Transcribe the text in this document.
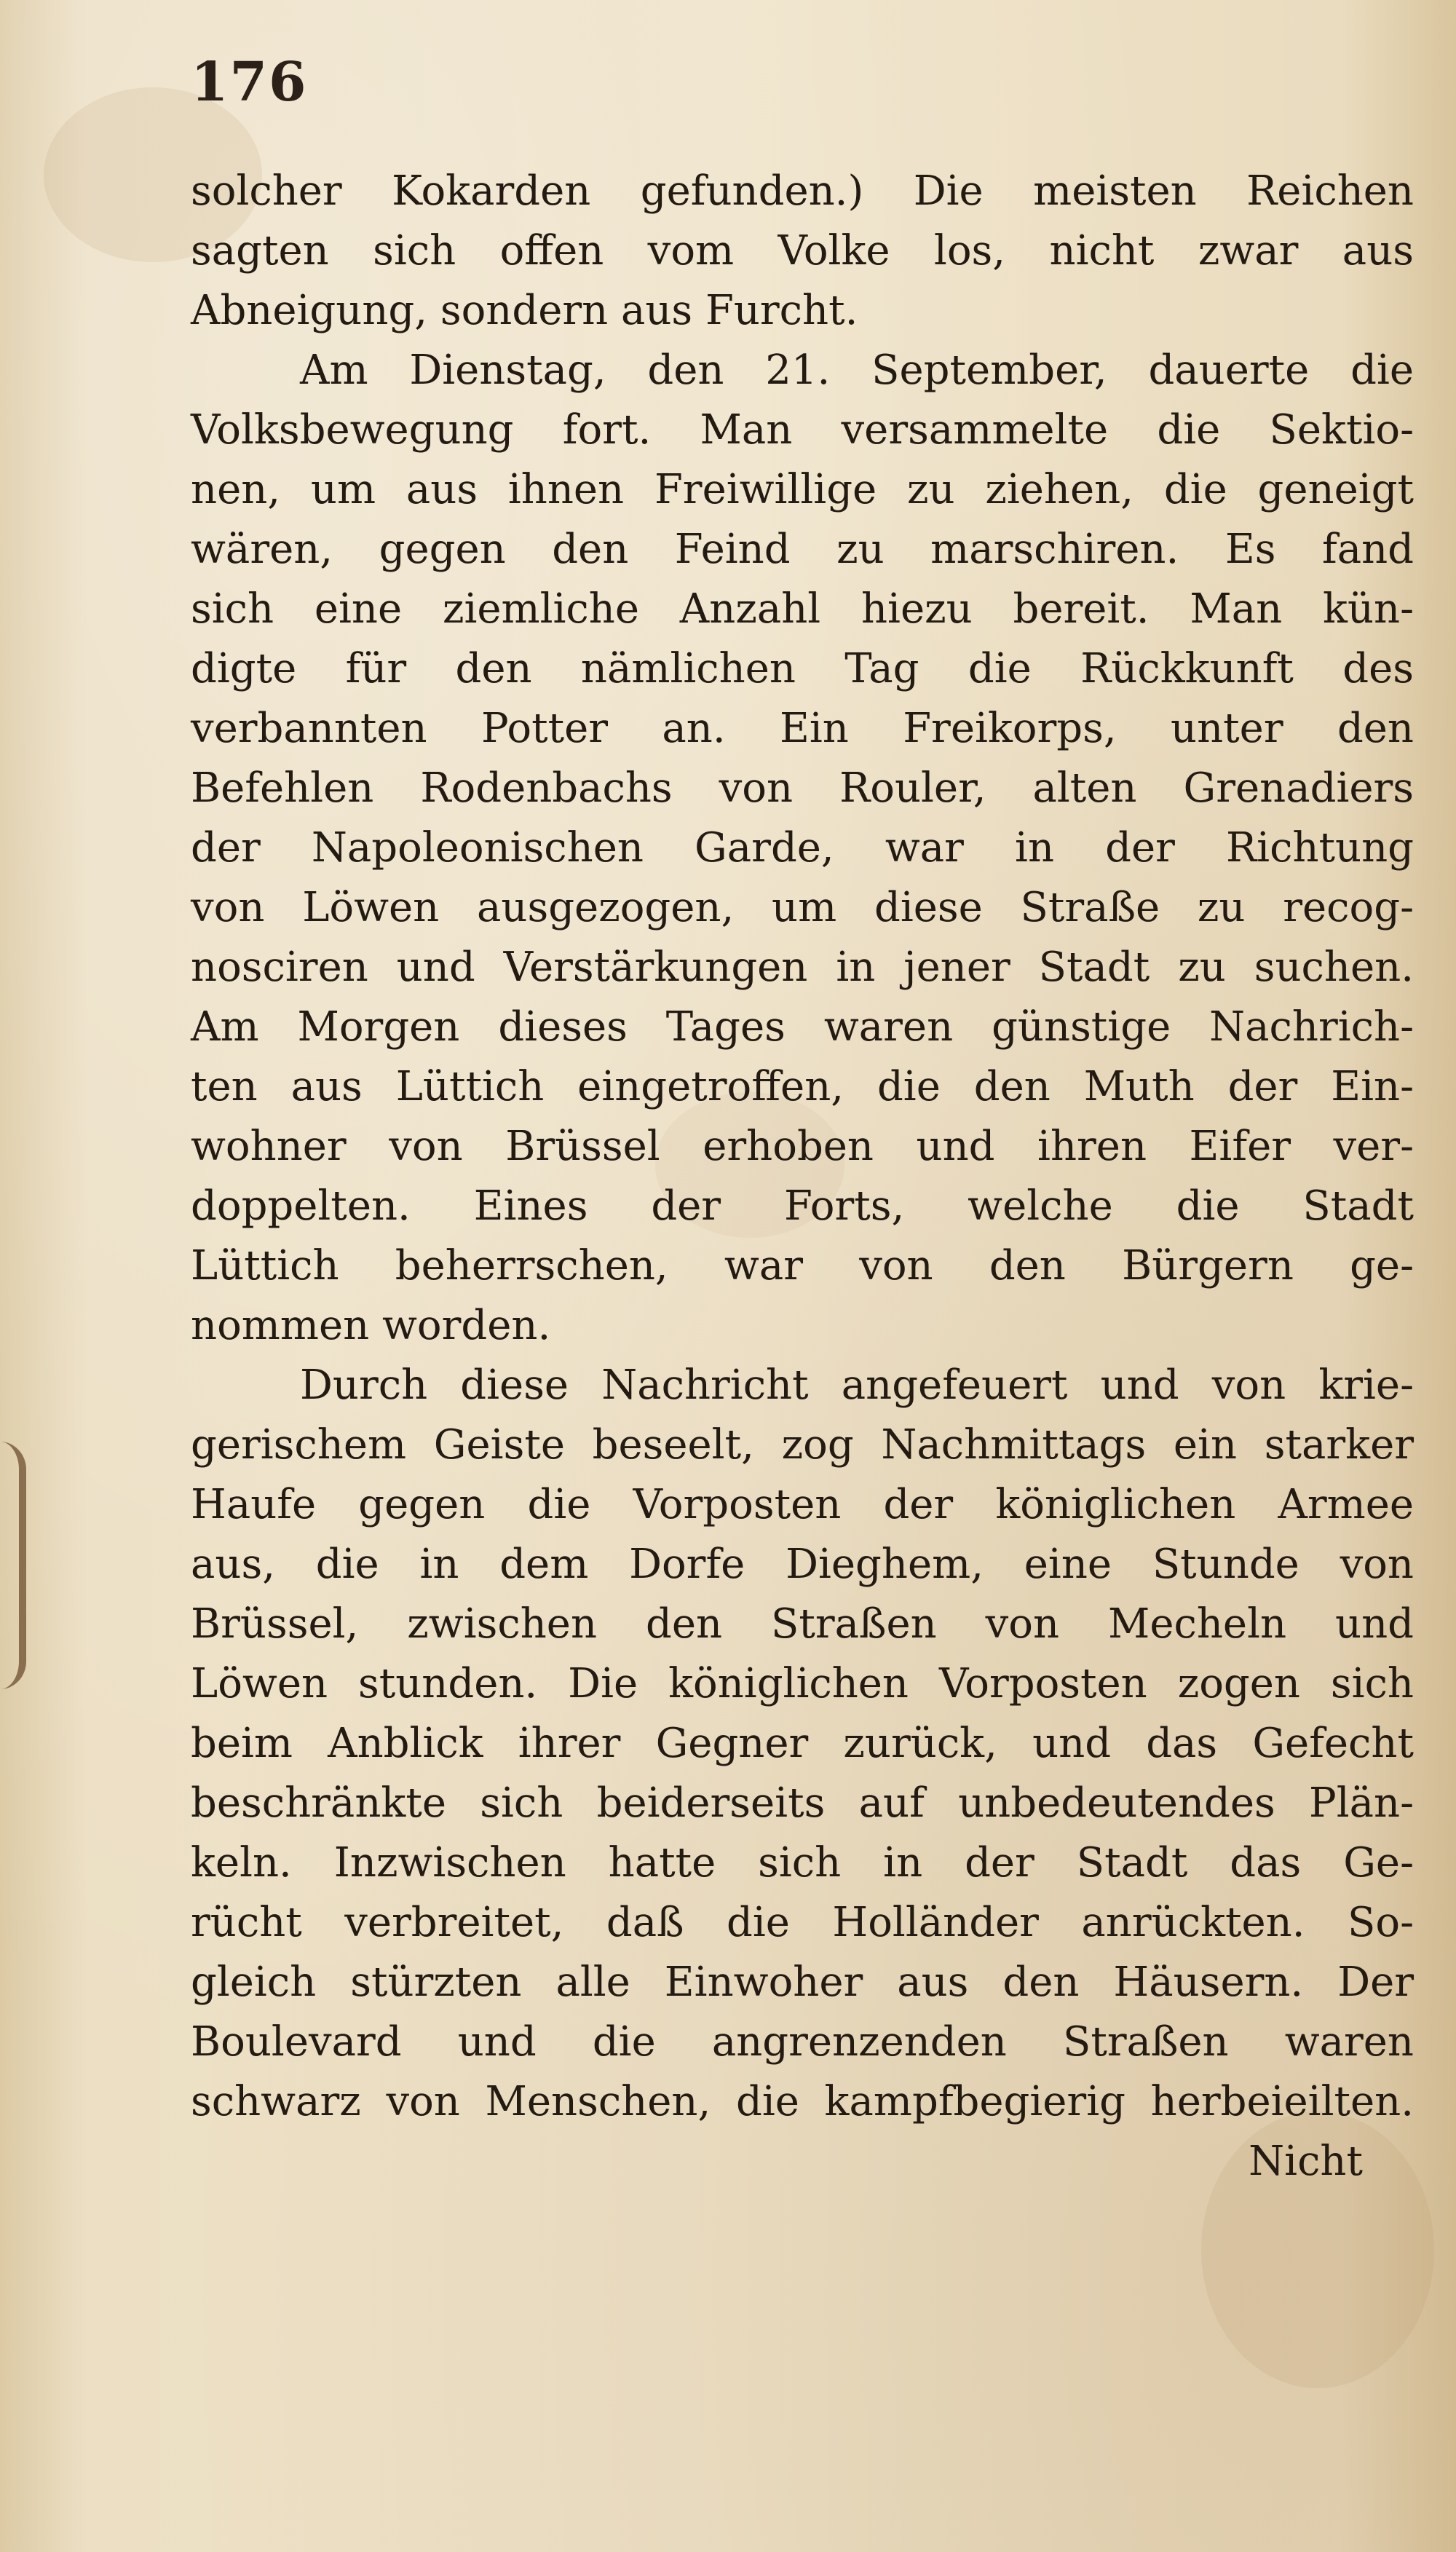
176
solcher Kokarden gefunden.) Die meisten Reichen
sagten sich offen vom Volke los, nicht zwar aus
Abneigung, sondern aus Furcht.
Am Dienstag, den 21. September, dauerte die
Volksbewegung fort. Man versammelte die Sektio-
nen, um aus ihnen Freiwillige zu ziehen, die geneigt
wären, gegen den Feind zu marschiren. Es fand
sich eine ziemliche Anzahl hiezu bereit. Man kün-
digte für den nämlichen Tag die Rückkunft des
verbannten Potter an. Ein Freikorps, unter den
Befehlen Rodenbachs von Rouler, alten Grenadiers
der Napoleonischen Garde, war in der Richtung
von Löwen ausgezogen, um diese Straße zu recog-
nosciren und Verstärkungen in jener Stadt zu suchen.
Am Morgen dieses Tages waren günstige Nachrich-
ten aus Lüttich eingetroffen, die den Muth der Ein-
wohner von Brüssel erhoben und ihren Eifer ver-
doppelten. Eines der Forts, welche die Stadt
Lüttich beherrschen, war von den Bürgern ge-
nommen worden.
Durch diese Nachricht angefeuert und von krie-
gerischem Geiste beseelt, zog Nachmittags ein starker
Haufe gegen die Vorposten der königlichen Armee
aus, die in dem Dorfe Dieghem, eine Stunde von
Brüssel, zwischen den Straßen von Mecheln und
Löwen stunden. Die königlichen Vorposten zogen sich
beim Anblick ihrer Gegner zurück, und das Gefecht
beschränkte sich beiderseits auf unbedeutendes Plän-
keln. Inzwischen hatte sich in der Stadt das Ge-
rücht verbreitet, daß die Holländer anrückten. So-
gleich stürzten alle Einwoher aus den Häusern. Der
Boulevard und die angrenzenden Straßen waren
schwarz von Menschen, die kampfbegierig herbeieilten.
Nicht
